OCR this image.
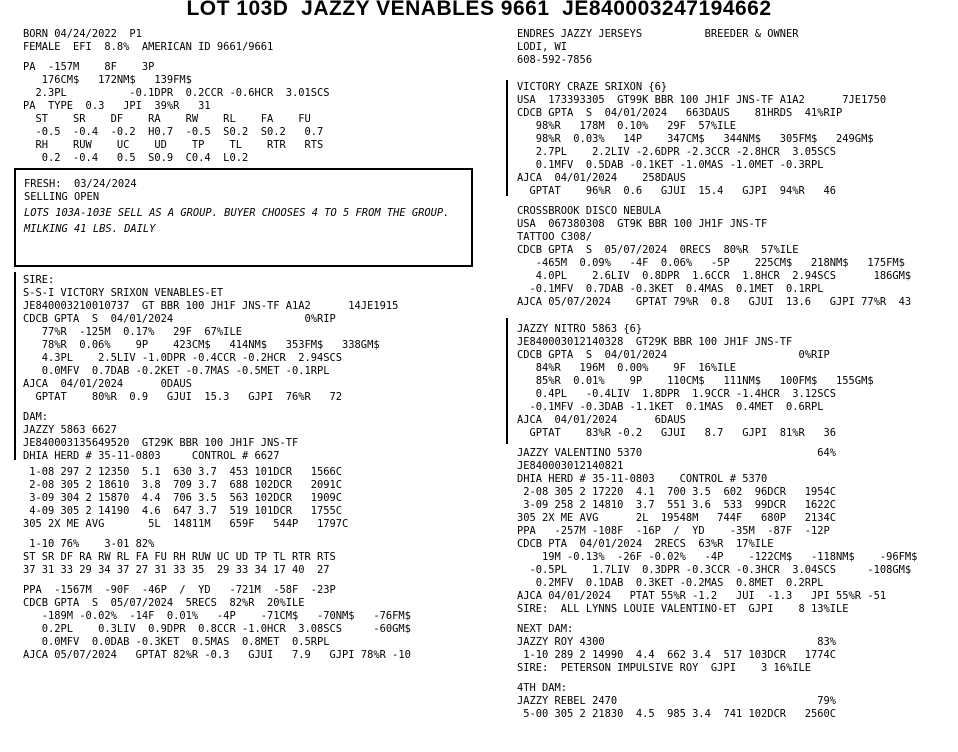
LOT 103D  JAZZY VENABLES 9661  JE840003247194662
BORN 04/24/2022  P1
FEMALE  EFI  8.8%  AMERICAN ID 9661/9661
PA  -157M    8F    3P
176CM$   172NM$   139FM$
2.3PL          -0.1DPR  0.2CCR -0.6HCR  3.01SCS
PA  TYPE  0.3   JPI  39%R   31
ST    SR    DF    RA    RW    RL    FA    FU
-0.5  -0.4  -0.2  H0.7  -0.5  S0.2  S0.2   0.7
RH    RUW    UC    UD    TP    TL    RTR   RTS
0.2  -0.4   0.5  S0.9  C0.4  L0.2
FRESH:  03/24/2024
SELLING OPEN
LOTS 103A-103E SELL AS A GROUP. BUYER CHOOSES 4 TO 5 FROM THE GROUP.
MILKING 41 LBS. DAILY
SIRE:
S-S-I VICTORY SRIXON VENABLES-ET
JE840003210010737  GT BBR 100 JH1F JNS-TF A1A2      14JE1915
CDCB GPTA  S  04/01/2024                     0%RIP
77%R  -125M  0.17%   29F  67%ILE
78%R  0.06%    9P    423CM$   414NM$   353FM$   338GM$
4.3PL    2.5LIV -1.0DPR -0.4CCR -0.2HCR  2.94SCS
0.0MFV  0.7DAB -0.2KET -0.7MAS -0.5MET -0.1RPL
AJCA  04/01/2024      0DAUS
GPTAT    80%R  0.9   GJUI  15.3   GJPI  76%R   72
DAM:
JAZZY 5863 6627
JE840003135649520  GT29K BBR 100 JH1F JNS-TF
DHIA HERD # 35-11-0803     CONTROL # 6627
1-08 297 2 12350  5.1  630 3.7  453 101DCR   1566C
2-08 305 2 18610  3.8  709 3.7  688 102DCR   2091C
3-09 304 2 15870  4.4  706 3.5  563 102DCR   1909C
4-09 305 2 14190  4.6  647 3.7  519 101DCR   1755C
305 2X ME AVG       5L  14811M   659F   544P   1797C
1-10 76%    3-01 82%
ST SR DF RA RW RL FA FU RH RUW UC UD TP TL RTR RTS
37 31 33 29 34 37 27 31 33 35  29 33 34 17 40  27
PPA  -1567M  -90F  -46P  /  YD   -721M  -58F  -23P
CDCB GPTA  S  05/07/2024  5RECS  82%R  20%ILE
-189M -0.02%  -14F  0.01%   -4P    -71CM$   -70NM$   -76FM$
0.2PL    0.3LIV  0.9DPR  0.8CCR -1.0HCR  3.08SCS     -60GM$
0.0MFV  0.0DAB -0.3KET  0.5MAS  0.8MET  0.5RPL
AJCA 05/07/2024   GPTAT 82%R -0.3   GJUI   7.9   GJPI 78%R -10
ENDRES JAZZY JERSEYS          BREEDER & OWNER
LODI, WI
608-592-7856
VICTORY CRAZE SRIXON {6}
USA  173393305  GT99K BBR 100 JH1F JNS-TF A1A2      7JE1750
CDCB GPTA  S  04/01/2024   663DAUS    81HRDS  41%RIP
98%R   178M  0.10%   29F  57%ILE
98%R  0.03%   14P    347CM$   344NM$   305FM$   249GM$
2.7PL    2.2LIV -2.6DPR -2.3CCR -2.8HCR  3.05SCS
0.1MFV  0.5DAB -0.1KET -1.0MAS -1.0MET -0.3RPL
AJCA  04/01/2024    258DAUS
GPTAT    96%R  0.6   GJUI  15.4   GJPI  94%R   46
CROSSBROOK DISCO NEBULA
USA  067380308  GT9K BBR 100 JH1F JNS-TF
TATTOO C308/
CDCB GPTA  S  05/07/2024  0RECS  80%R  57%ILE
-465M  0.09%   -4F  0.06%   -5P    225CM$   218NM$   175FM$
4.0PL    2.6LIV  0.8DPR  1.6CCR  1.8HCR  2.94SCS      186GM$
-0.1MFV  0.7DAB -0.3KET  0.4MAS  0.1MET  0.1RPL
AJCA 05/07/2024    GPTAT 79%R  0.8   GJUI  13.6   GJPI 77%R  43
JAZZY NITRO 5863 {6}
JE840003012140328  GT29K BBR 100 JH1F JNS-TF
CDCB GPTA  S  04/01/2024                     0%RIP
84%R   196M  0.00%    9F  16%ILE
85%R  0.01%    9P    110CM$   111NM$   100FM$   155GM$
0.4PL   -0.4LIV  1.8DPR  1.9CCR -1.4HCR  3.12SCS
-0.1MFV -0.3DAB -1.1KET  0.1MAS  0.4MET  0.6RPL
AJCA  04/01/2024      6DAUS
GPTAT    83%R -0.2   GJUI   8.7   GJPI  81%R   36
JAZZY VALENTINO 5370                            64%
JE840003012140821
DHIA HERD # 35-11-0803    CONTROL # 5370
2-08 305 2 17220  4.1  700 3.5  602  96DCR   1954C
3-09 258 2 14810  3.7  551 3.6  533  99DCR   1622C
305 2X ME AVG      2L  19548M   744F   680P   2134C
PPA   -257M -108F  -16P  /  YD    -35M  -87F  -12P
CDCB PTA  04/01/2024  2RECS  63%R  17%ILE
19M -0.13%  -26F -0.02%   -4P    -122CM$   -118NM$    -96FM$
-0.5PL    1.7LIV  0.3DPR -0.3CCR -0.3HCR  3.04SCS     -108GM$
0.2MFV  0.1DAB  0.3KET -0.2MAS  0.8MET  0.2RPL
AJCA 04/01/2024   PTAT 55%R -1.2   JUI  -1.3   JPI 55%R -51
SIRE:  ALL LYNNS LOUIE VALENTINO-ET  GJPI    8 13%ILE
NEXT DAM:
JAZZY ROY 4300                                  83%
1-10 289 2 14990  4.4  662 3.4  517 103DCR   1774C
SIRE:  PETERSON IMPULSIVE ROY  GJPI    3 16%ILE
4TH DAM:
JAZZY REBEL 2470                                79%
5-00 305 2 21830  4.5  985 3.4  741 102DCR   2560C
